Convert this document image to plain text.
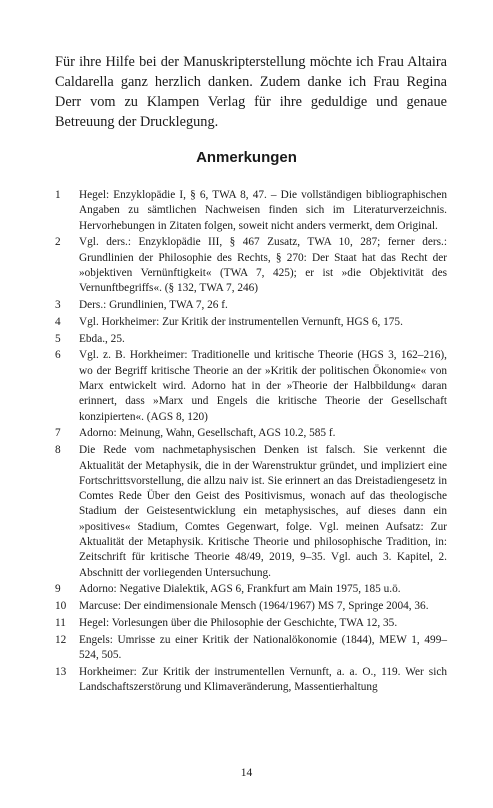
Für ihre Hilfe bei der Manuskripterstellung möchte ich Frau Altaira Caldarella ganz herzlich danken. Zudem danke ich Frau Regina Derr vom zu Klampen Verlag für ihre geduldige und genaue Betreuung der Drucklegung.

Anmerkungen
1	Hegel: Enzyklopädie I, § 6, TWA 8, 47. – Die vollständigen bibliographischen Angaben zu sämtlichen Nachweisen finden sich im Literaturverzeichnis. Hervorhebungen in Zitaten folgen, soweit nicht anders vermerkt, dem Original.
2	Vgl. ders.: Enzyklopädie III, § 467 Zusatz, TWA 10, 287; ferner ders.: Grundlinien der Philosophie des Rechts, § 270: Der Staat hat das Recht der »objektiven Vernünftigkeit« (TWA 7, 425); er ist »die Objektivität des Vernunftbegriffs«. (§ 132, TWA 7, 246)
3	Ders.: Grundlinien, TWA 7, 26 f.
4	Vgl. Horkheimer: Zur Kritik der instrumentellen Vernunft, HGS 6, 175.
5	Ebda., 25.
6	Vgl. z. B. Horkheimer: Traditionelle und kritische Theorie (HGS 3, 162–216), wo der Begriff kritische Theorie an der »Kritik der politischen Ökonomie« von Marx entwickelt wird. Adorno hat in der »Theorie der Halbbildung« daran erinnert, dass »Marx und Engels die kritische Theorie der Gesellschaft konzipierten«. (AGS 8, 120)
7	Adorno: Meinung, Wahn, Gesellschaft, AGS 10.2, 585 f.
8	Die Rede vom nachmetaphysischen Denken ist falsch. Sie verkennt die Aktualität der Metaphysik, die in der Warenstruktur gründet, und impliziert eine Fortschrittsvorstellung, die allzu naiv ist. Sie erinnert an das Dreistadiengesetz in Comtes Rede Über den Geist des Positivismus, wonach auf das theologische Stadium der Geistesentwicklung ein metaphysisches, auf dieses dann ein »positives« Stadium, Comtes Gegenwart, folge. Vgl. meinen Aufsatz: Zur Aktualität der Metaphysik. Kritische Theorie und philosophische Tradition, in: Zeitschrift für kritische Theorie 48/49, 2019, 9–35. Vgl. auch 3. Kapitel, 2. Abschnitt der vorliegenden Untersuchung.
9	Adorno: Negative Dialektik, AGS 6, Frankfurt am Main 1975, 185 u.ö.
10	Marcuse: Der eindimensionale Mensch (1964/1967) MS 7, Springe 2004, 36.
11	Hegel: Vorlesungen über die Philosophie der Geschichte, TWA 12, 35.
12	Engels: Umrisse zu einer Kritik der Nationalökonomie (1844), MEW 1, 499–524, 505.
13	Horkheimer: Zur Kritik der instrumentellen Vernunft, a. a. O., 119. Wer sich Landschaftszerstörung und Klimaveränderung, Massentierhaltung
14
